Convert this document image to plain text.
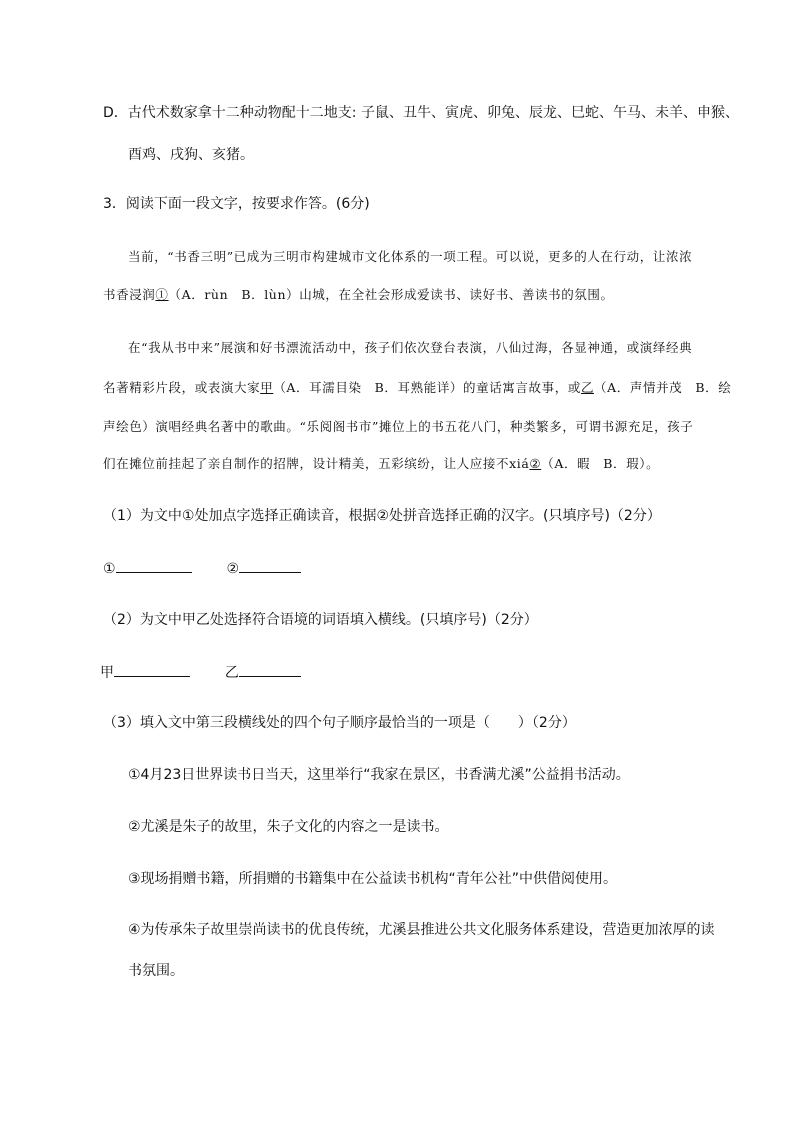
D．古代术数家拿十二种动物配十二地支: 子鼠、丑牛、寅虎、卯兔、辰龙、巳蛇、午马、未羊、申猴、
酉鸡、戌狗、亥猪。
3．阅读下面一段文字，按要求作答。(6分)
当前，“书香三明”已成为三明市构建城市文化体系的一项工程。可以说，更多的人在行动，让浓浓
书香浸润①（A．rùn　B．lùn）山城，在全社会形成爱读书、读好书、善读书的氛围。
在“我从书中来”展演和好书漂流活动中，孩子们依次登台表演，八仙过海，各显神通，或演绎经典
名著精彩片段，或表演大家甲（A．耳濡目染　B．耳熟能详）的童话寓言故事，或乙（A．声情并茂　B．绘
声绘色）演唱经典名著中的歌曲。“乐阅阁书市”摊位上的书五花八门，种类繁多，可谓书源充足，孩子
们在摊位前挂起了亲自制作的招牌，设计精美，五彩缤纷，让人应接不xiá②（A．暇　B．瑕）。
（1）为文中①处加点字选择正确读音，根据②处拼音选择正确的汉字。(只填序号)（2分）
①	②
（2）为文中甲乙处选择符合语境的词语填入横线。(只填序号)（2分）
甲	乙
（3）填入文中第三段横线处的四个句子顺序最恰当的一项是（　　）（2分）
①4月23日世界读书日当天，这里举行“我家在景区，书香满尤溪”公益捐书活动。
②尤溪是朱子的故里，朱子文化的内容之一是读书。
③现场捐赠书籍，所捐赠的书籍集中在公益读书机构“青年公社”中供借阅使用。
④为传承朱子故里崇尚读书的优良传统，尤溪县推进公共文化服务体系建设，营造更加浓厚的读
书氛围。
